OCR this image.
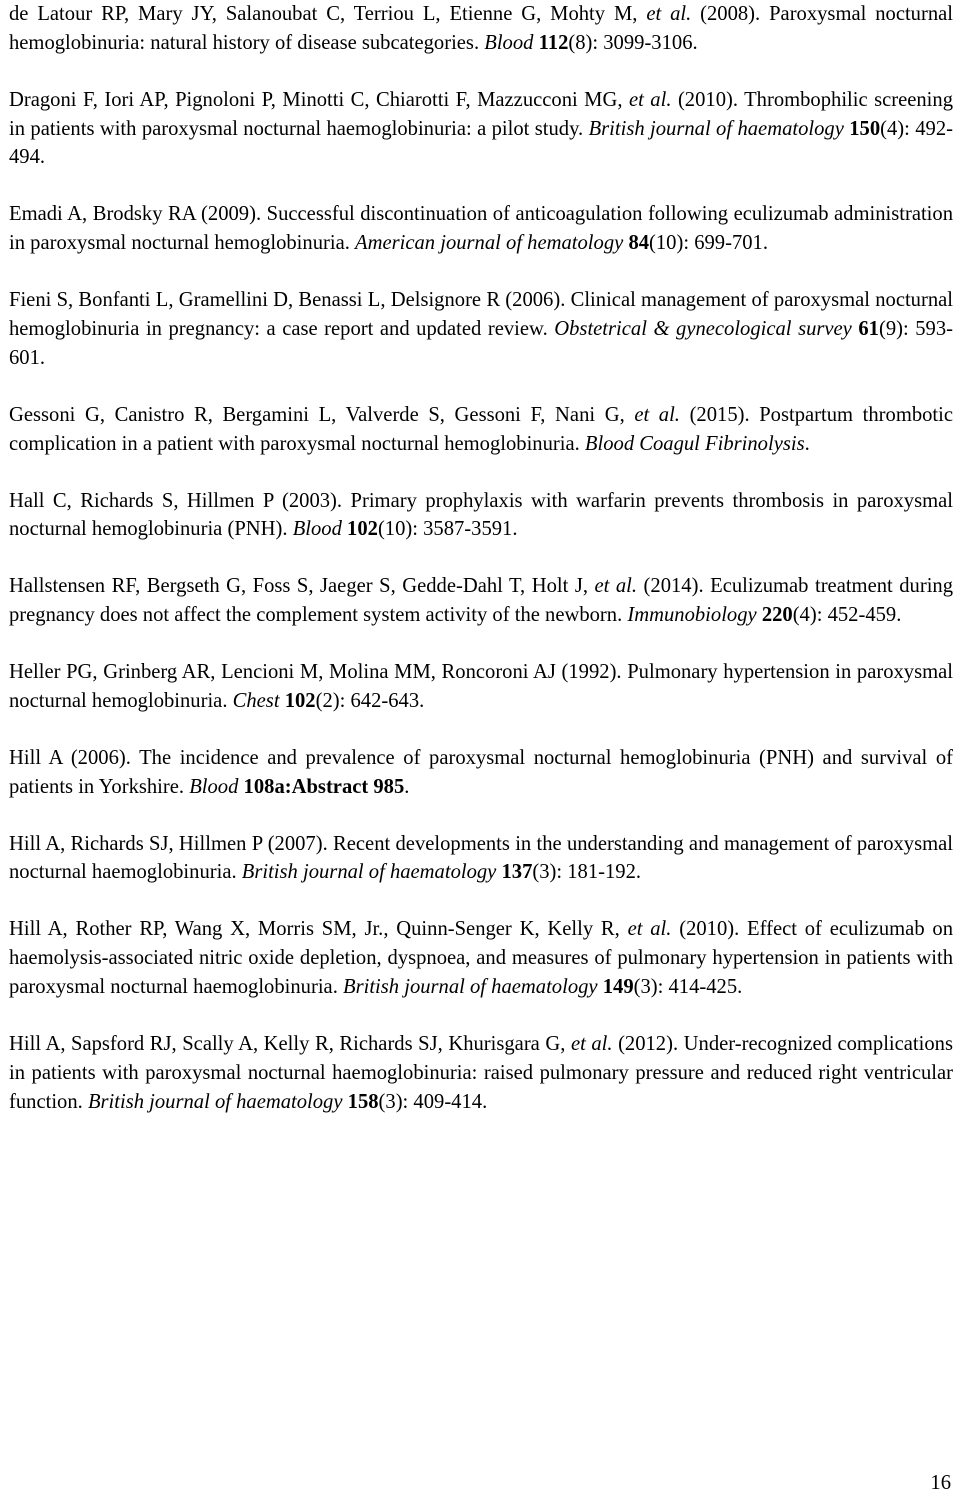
de Latour RP, Mary JY, Salanoubat C, Terriou L, Etienne G, Mohty M, et al. (2008). Paroxysmal nocturnal hemoglobinuria: natural history of disease subcategories. Blood 112(8): 3099-3106.

Dragoni F, Iori AP, Pignoloni P, Minotti C, Chiarotti F, Mazzucconi MG, et al. (2010). Thrombophilic screening in patients with paroxysmal nocturnal haemoglobinuria: a pilot study. British journal of haematology 150(4): 492-494.

Emadi A, Brodsky RA (2009). Successful discontinuation of anticoagulation following eculizumab administration in paroxysmal nocturnal hemoglobinuria. American journal of hematology 84(10): 699-701.

Fieni S, Bonfanti L, Gramellini D, Benassi L, Delsignore R (2006). Clinical management of paroxysmal nocturnal hemoglobinuria in pregnancy: a case report and updated review. Obstetrical & gynecological survey 61(9): 593-601.

Gessoni G, Canistro R, Bergamini L, Valverde S, Gessoni F, Nani G, et al. (2015). Postpartum thrombotic complication in a patient with paroxysmal nocturnal hemoglobinuria. Blood Coagul Fibrinolysis.

Hall C, Richards S, Hillmen P (2003). Primary prophylaxis with warfarin prevents thrombosis in paroxysmal nocturnal hemoglobinuria (PNH). Blood 102(10): 3587-3591.

Hallstensen RF, Bergseth G, Foss S, Jaeger S, Gedde-Dahl T, Holt J, et al. (2014). Eculizumab treatment during pregnancy does not affect the complement system activity of the newborn. Immunobiology 220(4): 452-459.

Heller PG, Grinberg AR, Lencioni M, Molina MM, Roncoroni AJ (1992). Pulmonary hypertension in paroxysmal nocturnal hemoglobinuria. Chest 102(2): 642-643.

Hill A (2006). The incidence and prevalence of paroxysmal nocturnal hemoglobinuria (PNH) and survival of patients in Yorkshire. Blood 108a:Abstract 985.

Hill A, Richards SJ, Hillmen P (2007). Recent developments in the understanding and management of paroxysmal nocturnal haemoglobinuria. British journal of haematology 137(3): 181-192.

Hill A, Rother RP, Wang X, Morris SM, Jr., Quinn-Senger K, Kelly R, et al. (2010). Effect of eculizumab on haemolysis-associated nitric oxide depletion, dyspnoea, and measures of pulmonary hypertension in patients with paroxysmal nocturnal haemoglobinuria. British journal of haematology 149(3): 414-425.

Hill A, Sapsford RJ, Scally A, Kelly R, Richards SJ, Khurisgara G, et al. (2012). Under-recognized complications in patients with paroxysmal nocturnal haemoglobinuria: raised pulmonary pressure and reduced right ventricular function. British journal of haematology 158(3): 409-414.

16
